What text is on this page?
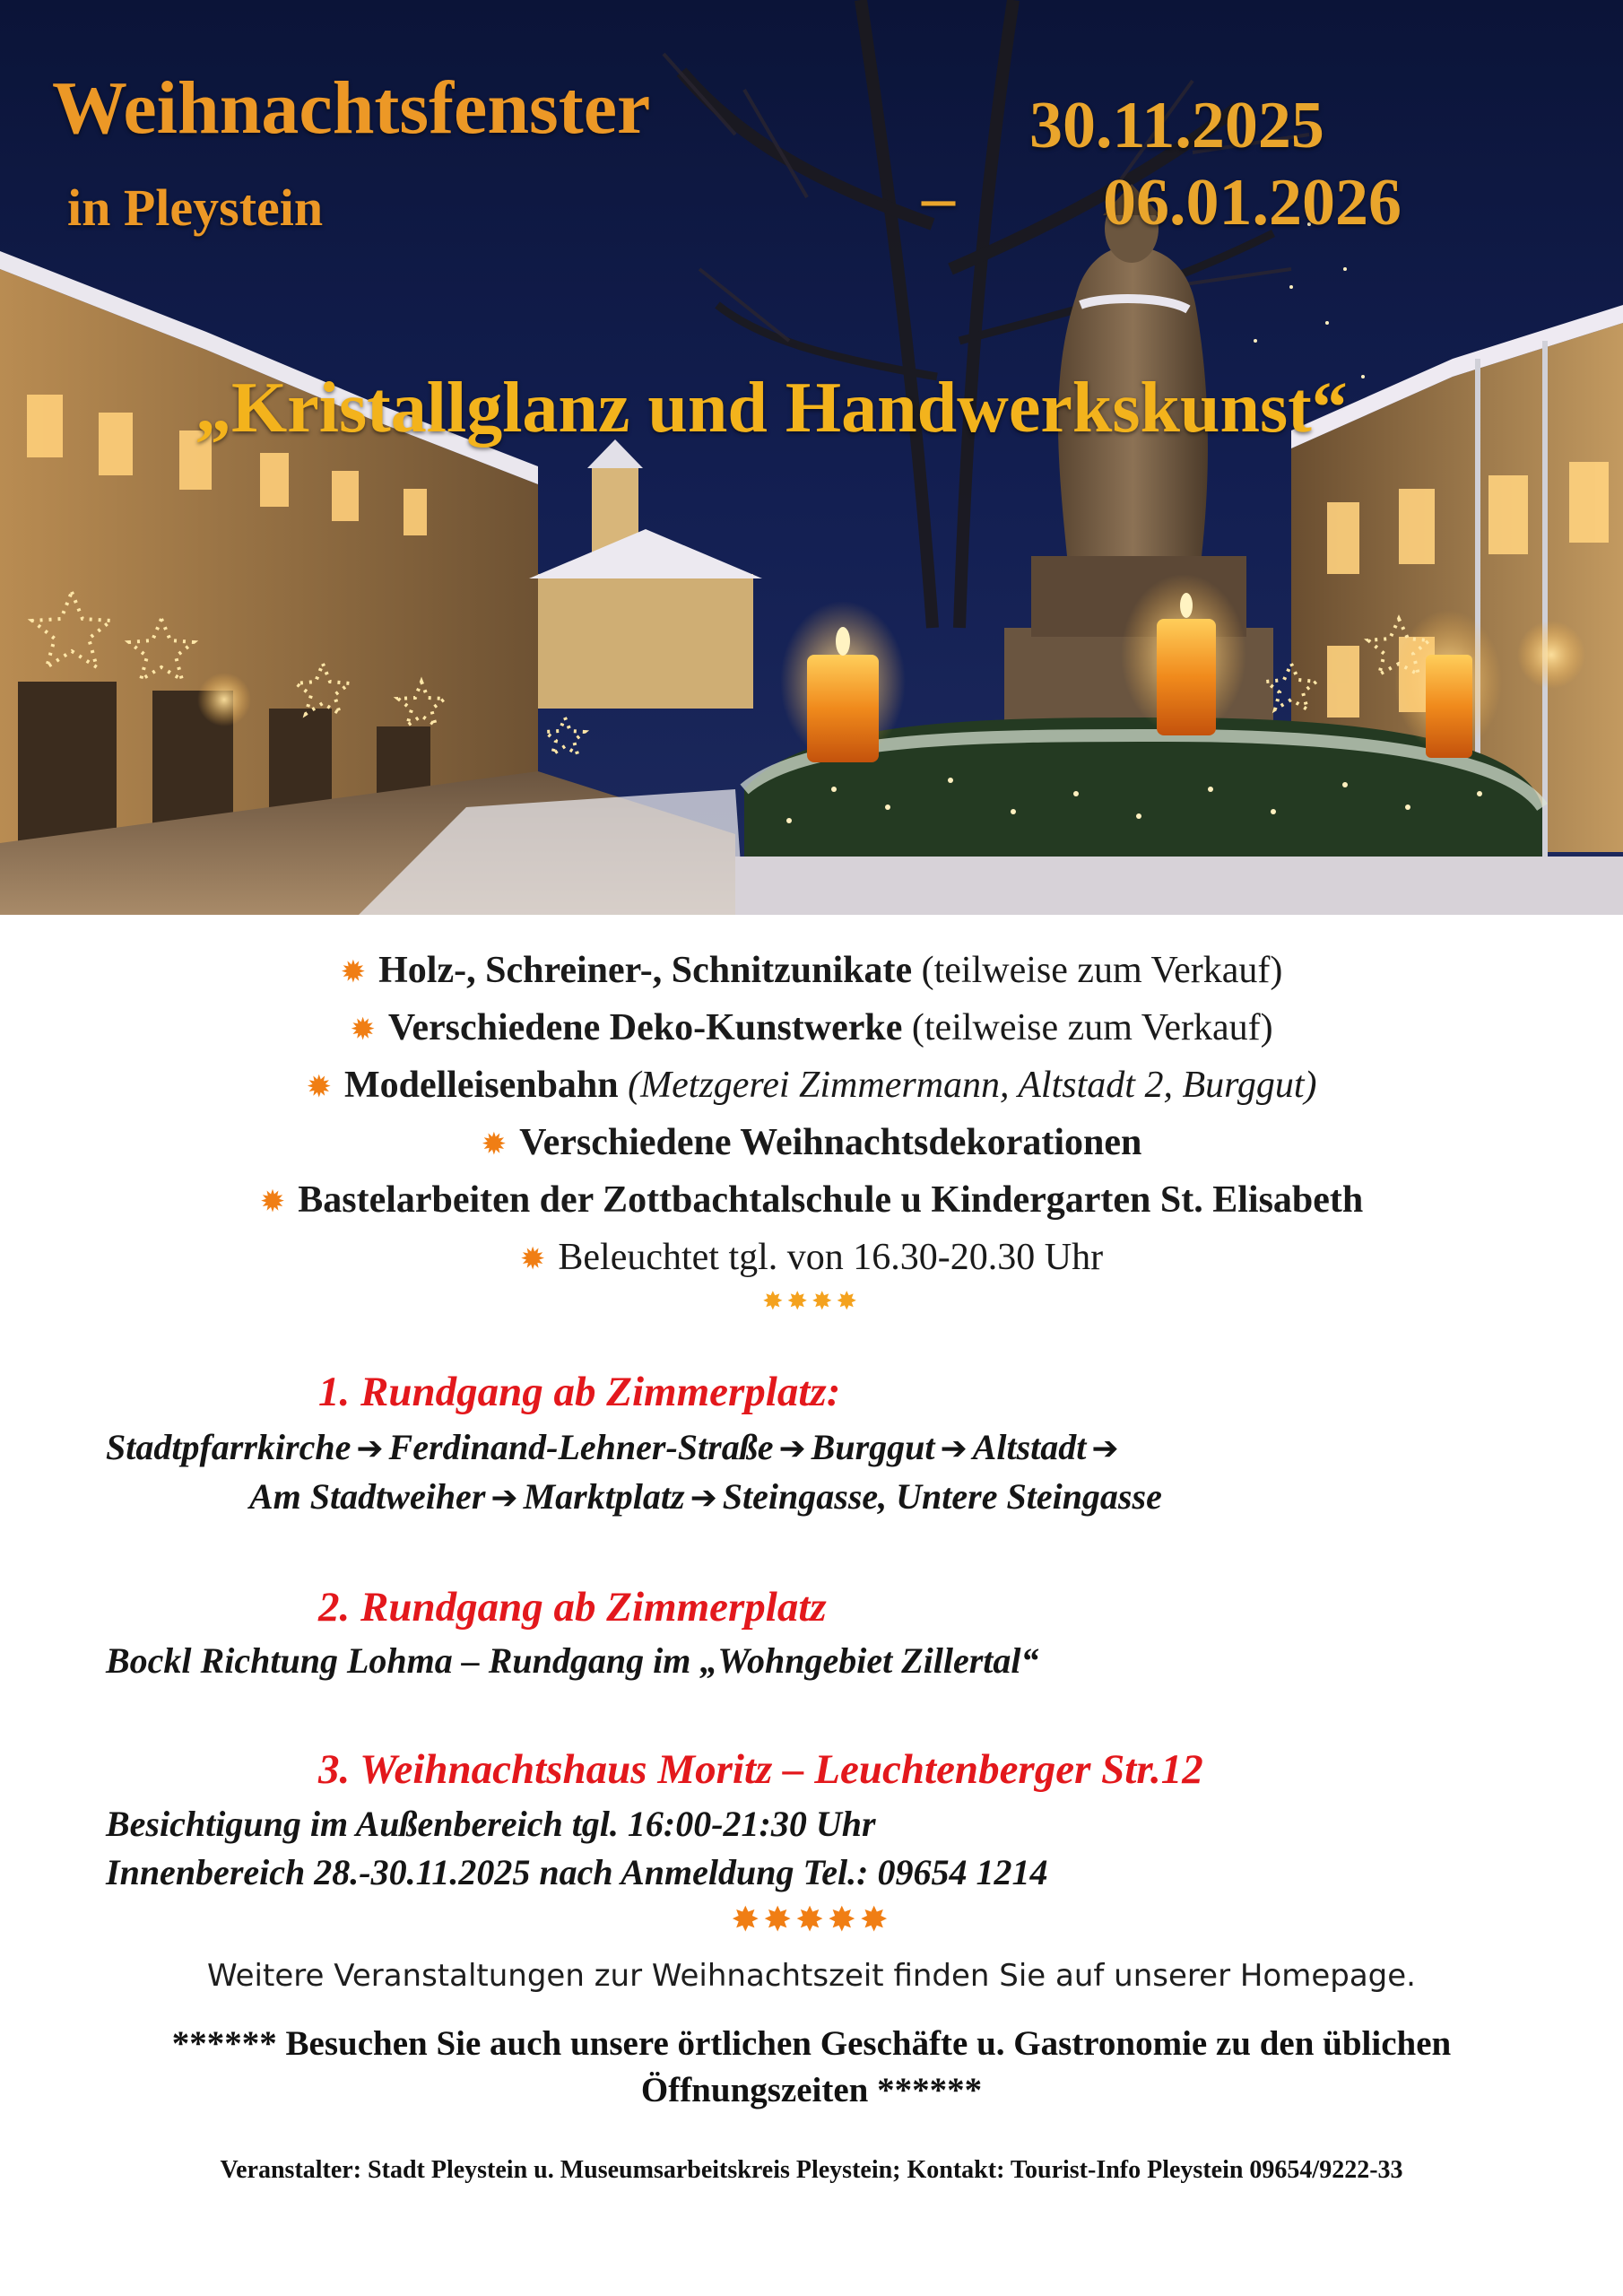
Weihnachtsfenster
in Pleystein
30.11.2025
– 06.01.2026
„Kristallglanz und Handwerkskunst“
✹ Holz-, Schreiner-, Schnitzunikate (teilweise zum Verkauf)
✹ Verschiedene Deko-Kunstwerke (teilweise zum Verkauf)
✹ Modelleisenbahn (Metzgerei Zimmermann, Altstadt 2, Burggut)
✹ Verschiedene Weihnachtsdekorationen
✹ Bastelarbeiten der Zottbachtalschule u Kindergarten St. Elisabeth
✹ Beleuchtet tgl. von 16.30-20.30 Uhr
✸✸✸✸
1. Rundgang ab Zimmerplatz:
Stadtpfarrkirche ➔ Ferdinand-Lehner-Straße ➔ Burggut ➔ Altstadt ➔
Am Stadtweiher ➔ Marktplatz ➔ Steingasse, Untere Steingasse
2. Rundgang ab Zimmerplatz
Bockl Richtung Lohma – Rundgang im „Wohngebiet Zillertal“
3. Weihnachtshaus Moritz – Leuchtenberger Str.12
Besichtigung im Außenbereich tgl. 16:00-21:30 Uhr
Innenbereich 28.-30.11.2025 nach Anmeldung Tel.: 09654 1214
✸✸✸✸✸
Weitere Veranstaltungen zur Weihnachtszeit finden Sie auf unserer Homepage.
****** Besuchen Sie auch unsere örtlichen Geschäfte u. Gastronomie zu den üblichen Öffnungszeiten ******
Veranstalter: Stadt Pleystein u. Museumsarbeitskreis Pleystein; Kontakt: Tourist-Info Pleystein 09654/9222-33
